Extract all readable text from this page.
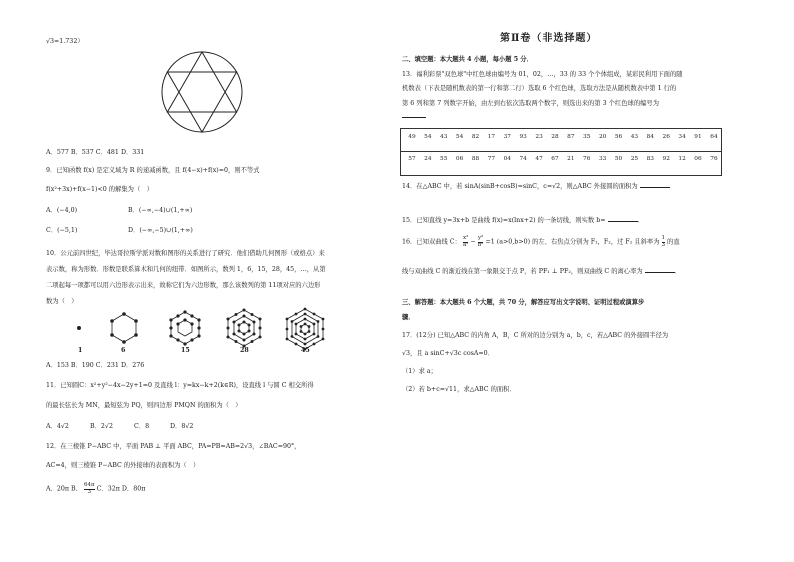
√3≈1.732）
A．577 B．537 C．481 D．331
9．已知函数 f(x) 是定义域为 R 的递减函数，且 f(4−x)+f(x)=0，则不等式
f(x²+3x)+f(x−1)<0 的解集为（　）
A．(−4,0)	B．(−∞,−4)∪(1,+∞)
C．(−5,1)	D．(−∞,−5)∪(1,+∞)
10．公元前四世纪，毕达哥拉斯学派对数和图形的关系进行了研究．他们借助几何图形（或格点）来
表示数，称为形数．形数是联系算术和几何的纽带．如图所示，数列 1，6，15，28，45，…，从第
二项起每一项都可以用六边形表示出来，故称它们为六边形数，那么该数列的第 11项对应的六边形
数为（　）
1	6	15	28	45
A．153 B．190 C．231 D．276
11．已知圆C：x²+y²−4x−2y+1=0 及直线 l：y=kx−k+2(k∈R)，设直线 l 与圆 C 相交所得
的最长弦长为 MN，最短弦为 PQ，则四边形 PMQN 的面积为（　）
A．4√2	B．2√2	C．8	D．8√2
12．在三棱锥 P−ABC 中，平面 PAB ⊥ 平面 ABC，PA=PB=AB=2√3，∠BAC=90°，
AC=4，则三棱锥 P−ABC 的外接球的表面积为（　）
A．20π B． $\frac{64\pi}{3}$ C．32π D．80π
第Ⅱ卷（非选择题）
二、填空题：本大题共 4 小题，每小题 5 分．
13．福利彩票"双色球"中红色球由编号为 01，02，…，33 的 33 个个体组成，某彩民利用下面的随
机数表（下表是随机数表的第一行和第二行）选取 6 个红色球，选取方法是从随机数表中第 1 行的
第 6 列和第 7 列数字开始，由左到右依次选取两个数字，则选出来的第 3 个红色球的编号为
49	54	43	54	82	17	37	93	23	28	87	35	20	56	43	84	26	34	91	64
57	24	55	06	88	77	04	74	47	67	21	76	33	50	25	83	92	12	06	76
14．在△ABC 中，若 sinA(sinB+cosB)=sinC，c=√2，则△ABC 外接圆的面积为
15．已知直线 y=3x+b 是曲线 f(x)=x(lnx+2) 的一条切线，则实数 b=	．
16．已知双曲线 C： $\frac{\text{x²}}{\text{a²}} - \frac{\text{y²}}{\text{b²}} =1$ (a>0,b>0) 的左、右焦点分别为 F₁，F₂，过 F₂ 且斜率为 $\frac{1}{3}$ 的直
线与双曲线 C 的渐近线在第一象限交于点 P，若 PF₁ ⊥ PF₂，则双曲线 C 的离心率为	．
三、解答题：本大题共 6 个大题，共 70 分，解答应写出文字说明、证明过程或演算步
骤．
17．(12分) 已知△ABC 的内角 A，B，C 所对的边分别为 a，b，c，若△ABC 的外接圆半径为
√3，且 a sinC+√3c cosA=0．
（1）求 a；
（2）若 b+c=√11，求△ABC 的面积．
